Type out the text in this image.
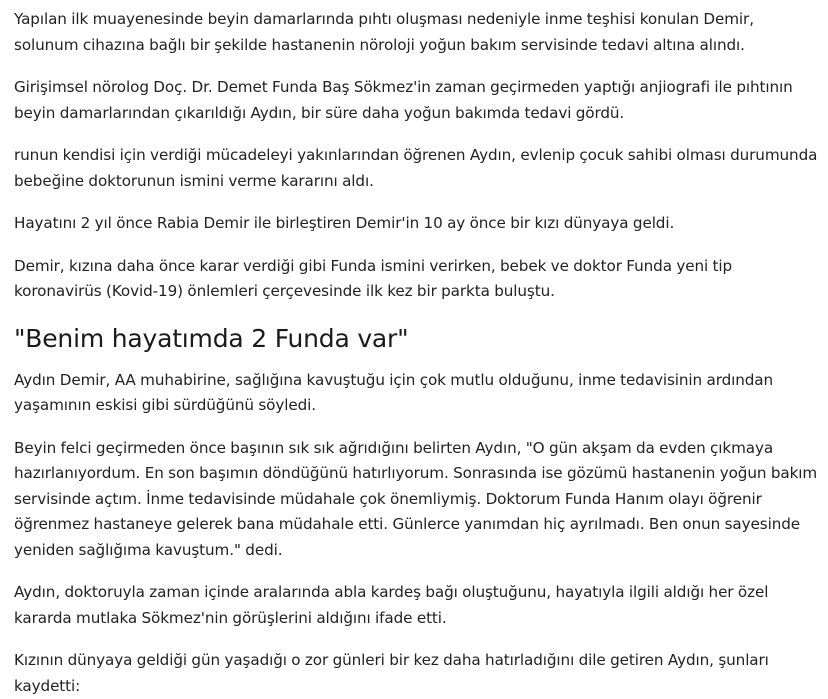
Yapılan ilk muayenesinde beyin damarlarında pıhtı oluşması nedeniyle inme teşhisi konulan Demir, solunum cihazına bağlı bir şekilde hastanenin nöroloji yoğun bakım servisinde tedavi altına alındı.

Girişimsel nörolog Doç. Dr. Demet Funda Baş Sökmez'in zaman geçirmeden yaptığı anjiografi ile pıhtının beyin damarlarından çıkarıldığı Aydın, bir süre daha yoğun bakımda tedavi gördü.

runun kendisi için verdiği mücadeleyi yakınlarından öğrenen Aydın, evlenip çocuk sahibi olması durumunda bebeğine doktorunun ismini verme kararını aldı.

Hayatını 2 yıl önce Rabia Demir ile birleştiren Demir'in 10 ay önce bir kızı dünyaya geldi.

Demir, kızına daha önce karar verdiği gibi Funda ismini verirken, bebek ve doktor Funda yeni tip koronavirüs (Kovid-19) önlemleri çerçevesinde ilk kez bir parkta buluştu.

"Benim hayatımda 2 Funda var"

Aydın Demir, AA muhabirine, sağlığına kavuştuğu için çok mutlu olduğunu, inme tedavisinin ardından yaşamının eskisi gibi sürdüğünü söyledi.

Beyin felci geçirmeden önce başının sık sık ağrıdığını belirten Aydın, "O gün akşam da evden çıkmaya hazırlanıyordum. En son başımın döndüğünü hatırlıyorum. Sonrasında ise gözümü hastanenin yoğun bakım servisinde açtım. İnme tedavisinde müdahale çok önemliymiş. Doktorum Funda Hanım olayı öğrenir öğrenmez hastaneye gelerek bana müdahale etti. Günlerce yanımdan hiç ayrılmadı. Ben onun sayesinde yeniden sağlığıma kavuştum." dedi.

Aydın, doktoruyla zaman içinde aralarında abla kardeş bağı oluştuğunu, hayatıyla ilgili aldığı her özel kararda mutlaka Sökmez'nin görüşlerini aldığını ifade etti.

Kızının dünyaya geldiği gün yaşadığı o zor günleri bir kez daha hatırladığını dile getiren Aydın, şunları kaydetti:
